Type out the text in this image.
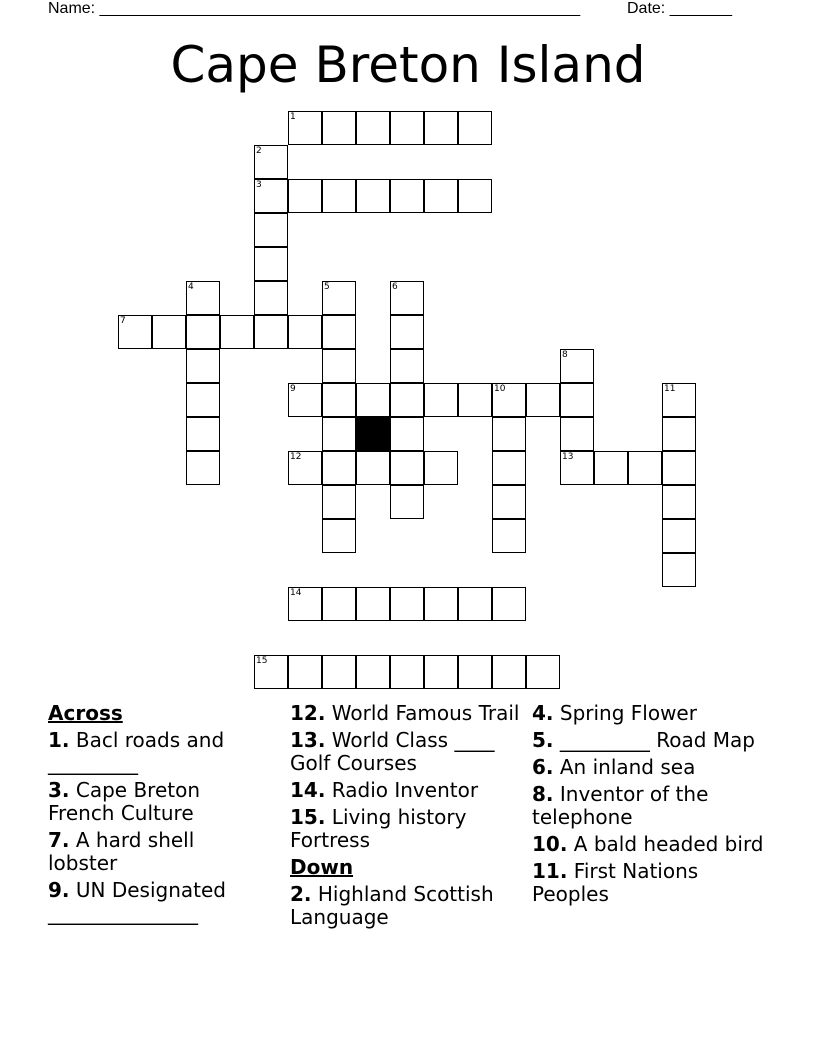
Name: ______________________________________________________	Date: _______
Cape Breton Island
1
2
3
4	5	6
7
8
9	10	11
12	13
14
15
Across
1. Bacl roads and _________
3. Cape Breton French Culture
7. A hard shell lobster
9. UN Designated _______________
12. World Famous Trail
13. World Class ____ Golf Courses
14. Radio Inventor
15. Living history Fortress
Down
2. Highland Scottish Language
4. Spring Flower
5. _________ Road Map
6. An inland sea
8. Inventor of the telephone
10. A bald headed bird
11. First Nations Peoples
